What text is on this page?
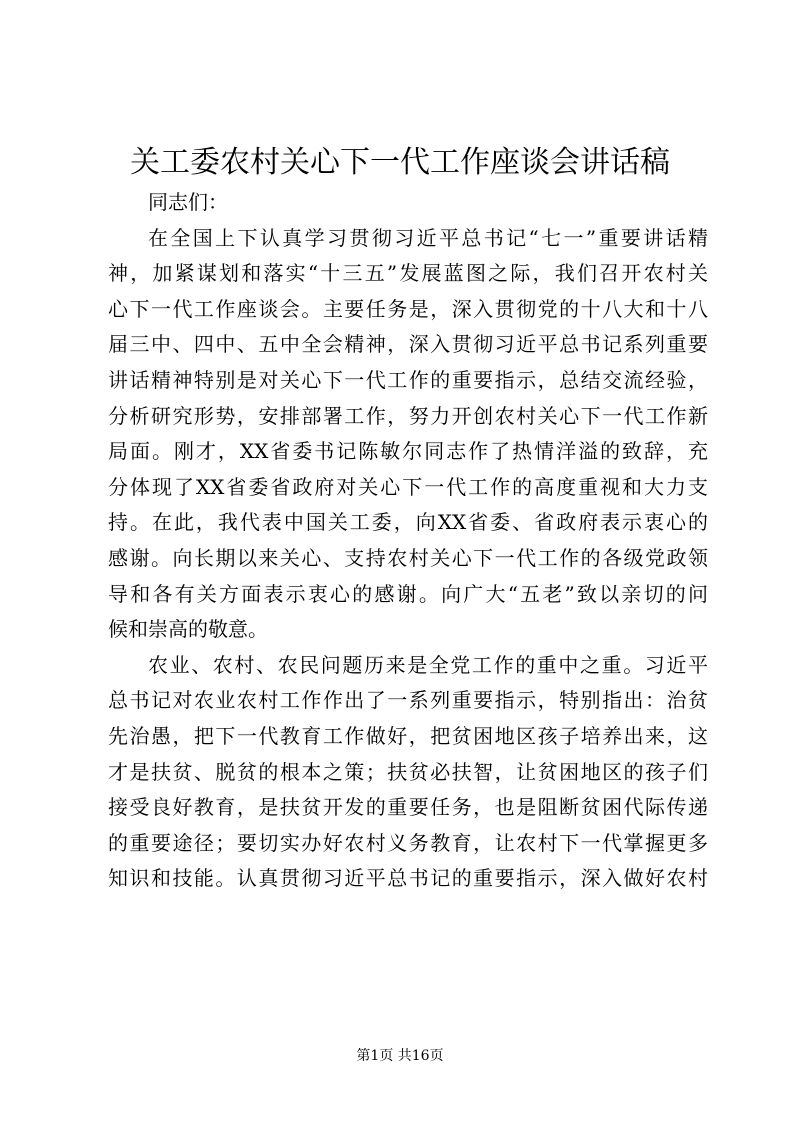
关工委农村关心下一代工作座谈会讲话稿
同志们：
在全国上下认真学习贯彻习近平总书记“七一”重要讲话精
神，加紧谋划和落实“十三五”发展蓝图之际，我们召开农村关
心下一代工作座谈会。主要任务是，深入贯彻党的十八大和十八
届三中、四中、五中全会精神，深入贯彻习近平总书记系列重要
讲话精神特别是对关心下一代工作的重要指示，总结交流经验，
分析研究形势，安排部署工作，努力开创农村关心下一代工作新
局面。刚才，XX省委书记陈敏尔同志作了热情洋溢的致辞，充
分体现了XX省委省政府对关心下一代工作的高度重视和大力支
持。在此，我代表中国关工委，向XX省委、省政府表示衷心的
感谢。向长期以来关心、支持农村关心下一代工作的各级党政领
导和各有关方面表示衷心的感谢。向广大“五老”致以亲切的问
候和崇高的敬意。
农业、农村、农民问题历来是全党工作的重中之重。习近平
总书记对农业农村工作作出了一系列重要指示，特别指出：治贫
先治愚，把下一代教育工作做好，把贫困地区孩子培养出来，这
才是扶贫、脱贫的根本之策；扶贫必扶智，让贫困地区的孩子们
接受良好教育，是扶贫开发的重要任务，也是阻断贫困代际传递
的重要途径；要切实办好农村义务教育，让农村下一代掌握更多
知识和技能。认真贯彻习近平总书记的重要指示，深入做好农村
第1页 共16页
